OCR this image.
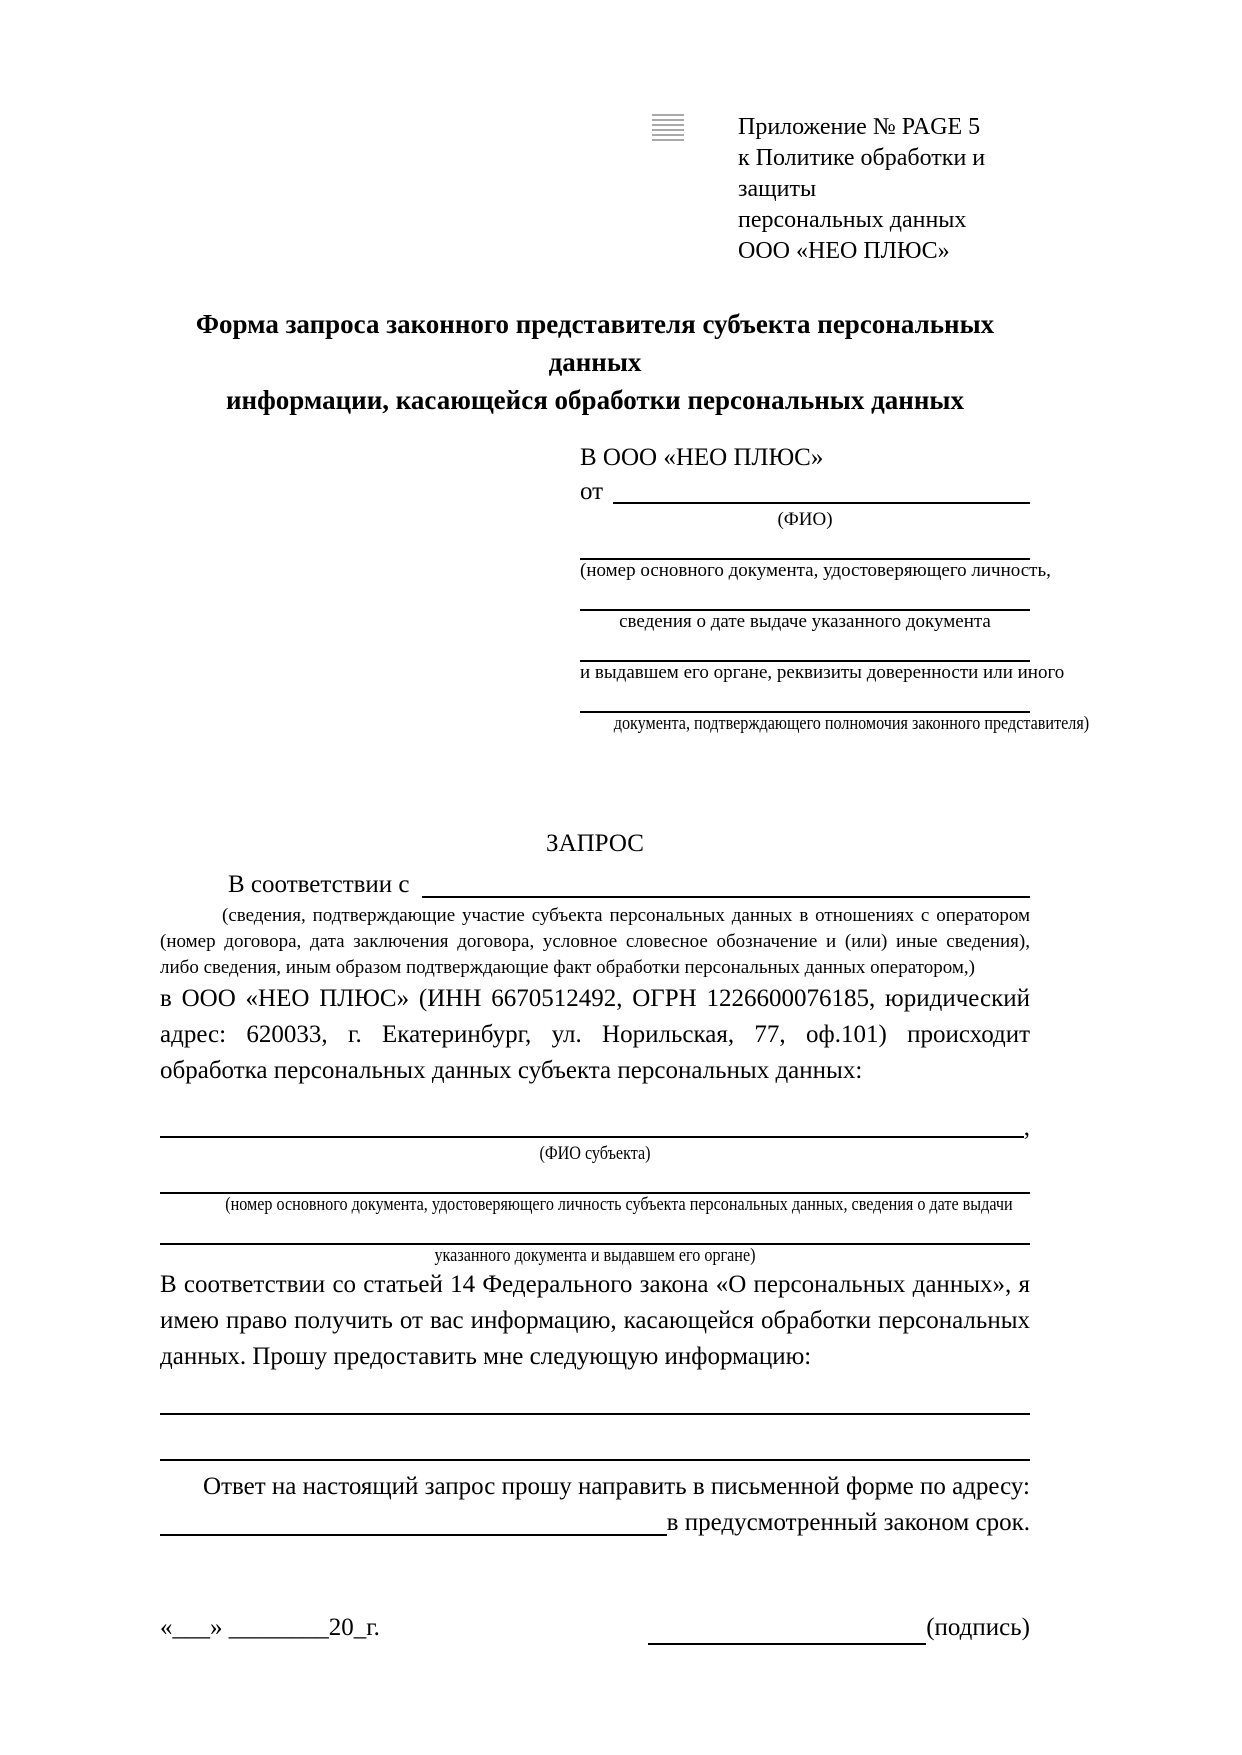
Приложение № PAGE 5
к Политике обработки и защиты
персональных данных
ООО «НЕО ПЛЮС»
Форма запроса законного представителя субъекта персональных данных
информации, касающейся обработки персональных данных
В ООО «НЕО ПЛЮС»
от
(ФИО)
(номер основного документа, удостоверяющего личность,
сведения о дате выдаче указанного документа
и выдавшем его органе, реквизиты доверенности или иного
документа, подтверждающего полномочия законного представителя)
ЗАПРОС
В соответствии с
(сведения, подтверждающие участие субъекта персональных данных в отношениях с оператором (номер договора, дата заключения договора, условное словесное обозначение и (или) иные сведения), либо сведения, иным образом подтверждающие факт обработки персональных данных оператором,)
в ООО «НЕО ПЛЮС» (ИНН 6670512492, ОГРН 1226600076185, юридический адрес: 620033, г. Екатеринбург, ул. Норильская, 77, оф.101) происходит обработка персональных данных субъекта персональных данных:
,
(ФИО субъекта)
(номер основного документа, удостоверяющего личность субъекта персональных данных, сведения о дате выдачи
указанного документа и выдавшем его органе)
В соответствии со статьей 14 Федерального закона «О персональных данных», я имею право получить от вас информацию, касающейся обработки персональных данных. Прошу предоставить мне следующую информацию:
Ответ на настоящий запрос прошу направить в письменной форме по адресу:
в предусмотренный законом срок.
«___» ________20_г.	(подпись)
